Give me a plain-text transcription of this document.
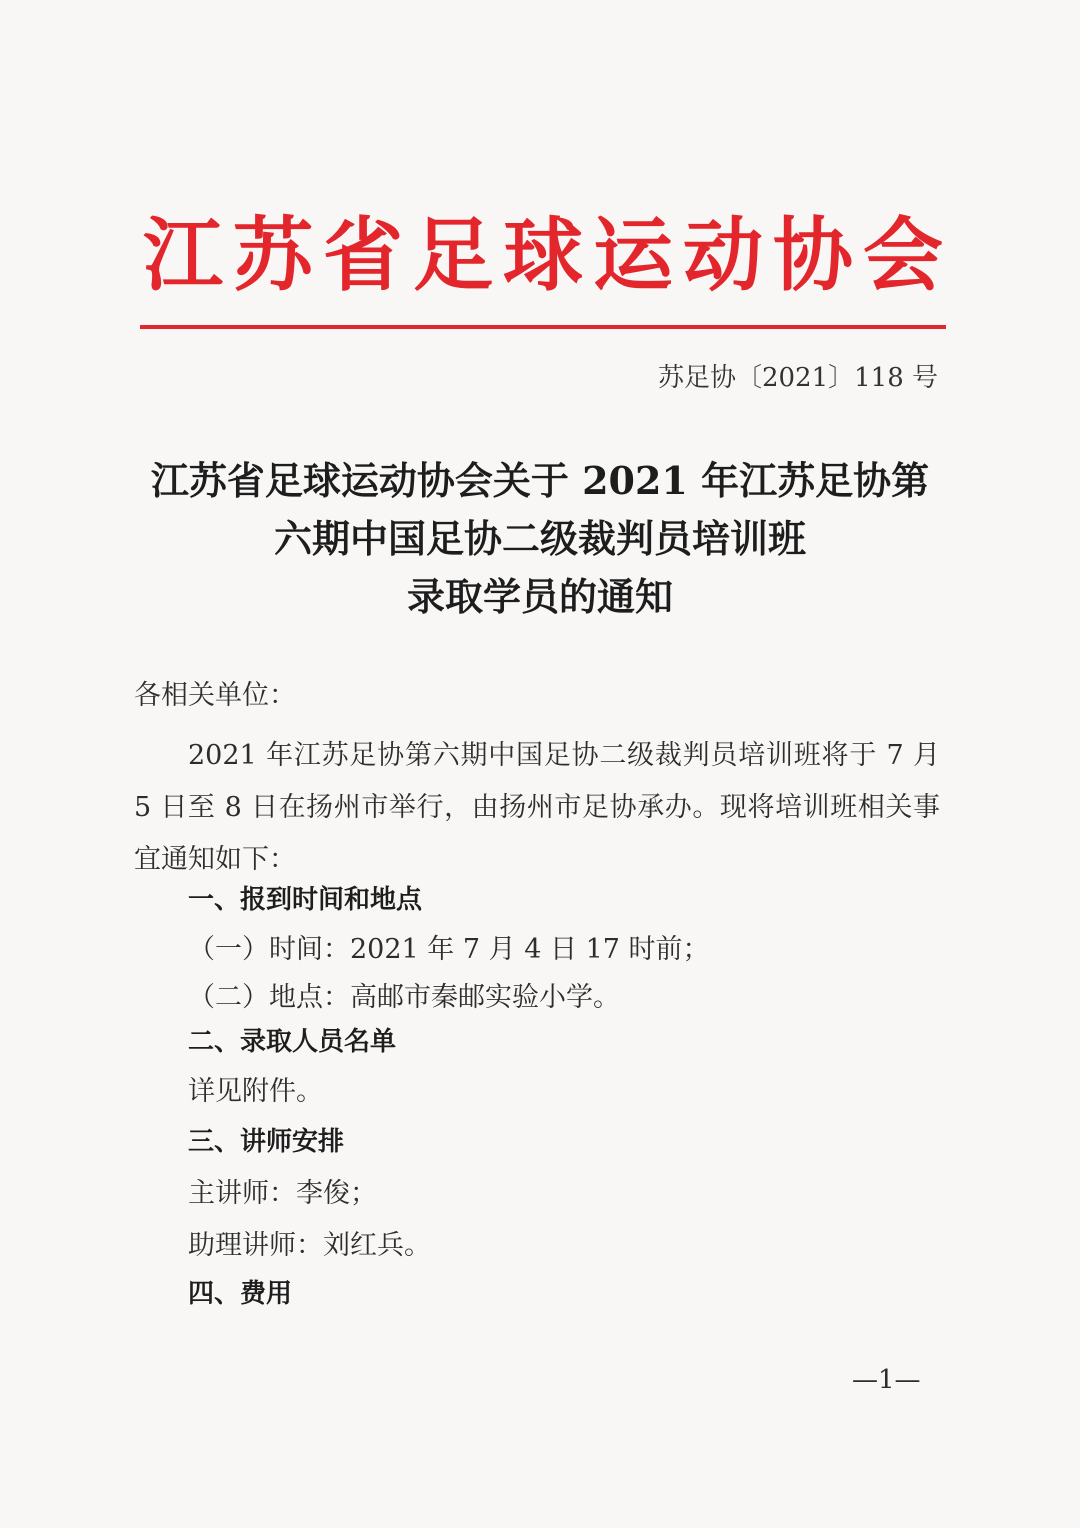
江 苏 省 足 球 运 动 协 会
苏足协〔2021〕118 号
江苏省足球运动协会关于 2021 年江苏足协第
六期中国足协二级裁判员培训班
录取学员的通知
各相关单位：
2021 年江苏足协第六期中国足协二级裁判员培训班将于 7 月 5 日至 8 日在扬州市举行，由扬州市足协承办。现将培训班相关事宜通知如下：
一、报到时间和地点
（一）时间：2021 年 7 月 4 日 17 时前；
（二）地点：高邮市秦邮实验小学。
二、录取人员名单
详见附件。
三、讲师安排
主讲师：李俊；
助理讲师：刘红兵。
四、费用
—1—
